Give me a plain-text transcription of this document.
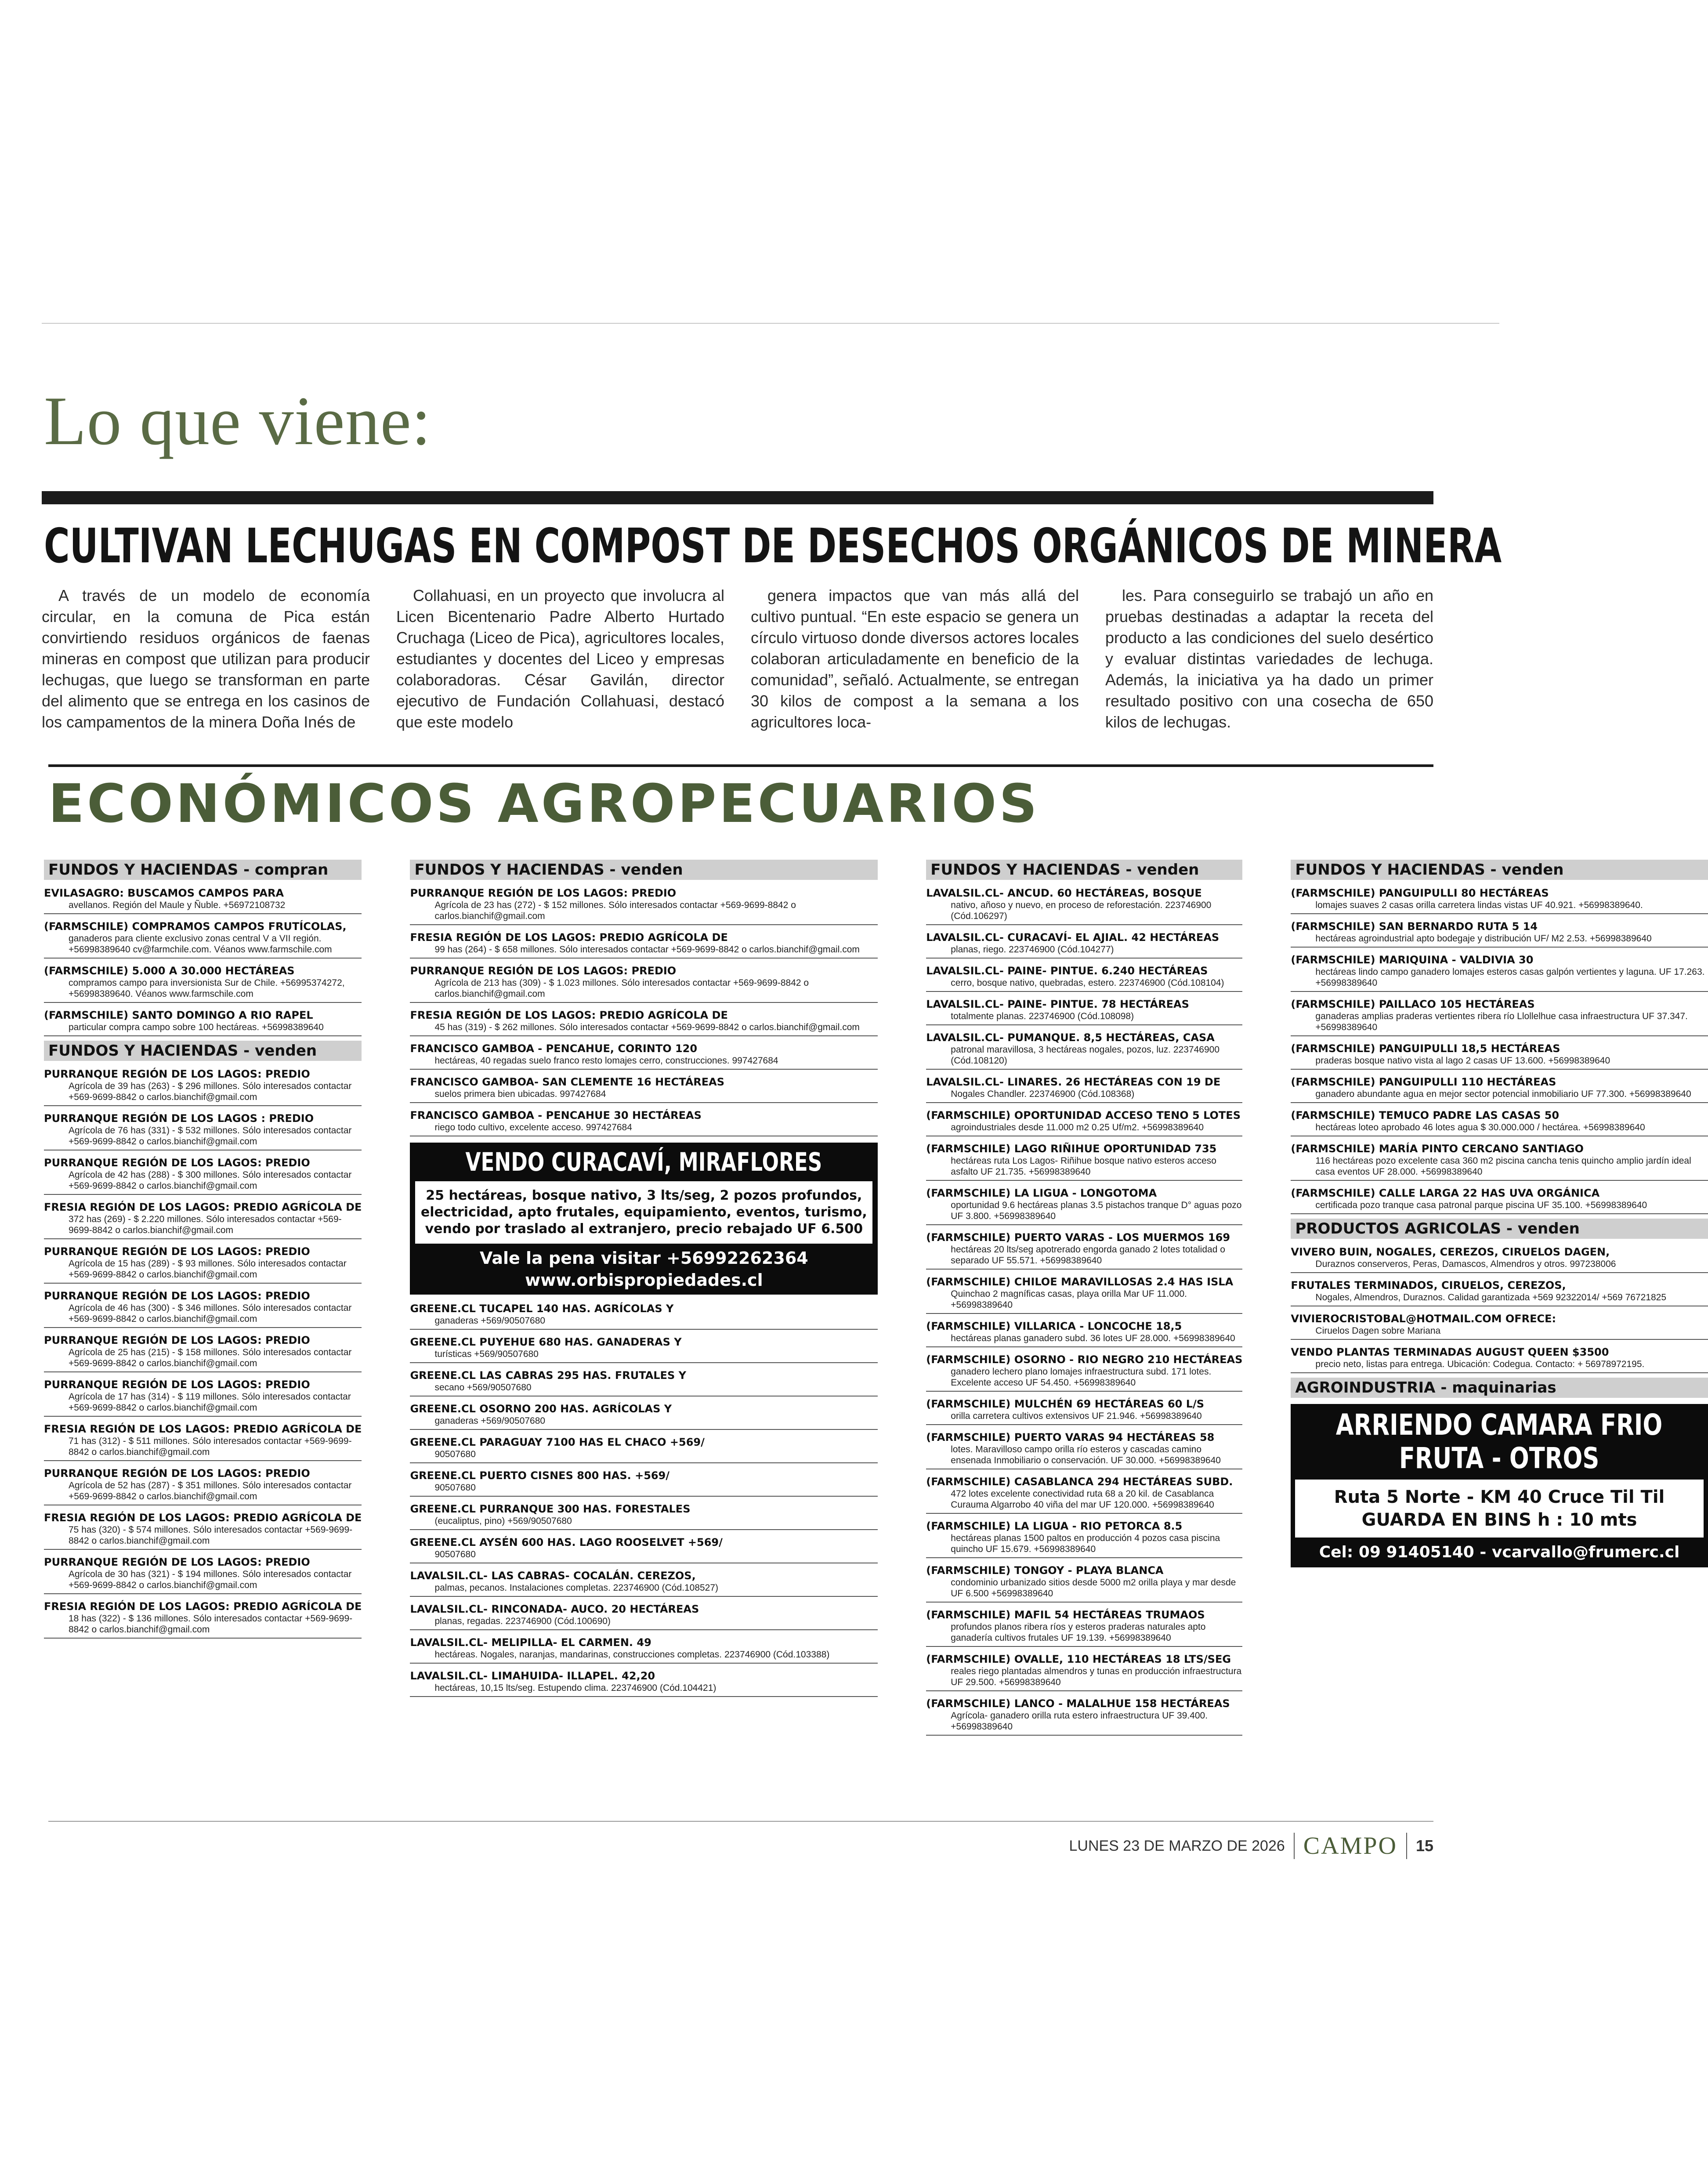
Lo que viene:
CULTIVAN LECHUGAS EN COMPOST DE DESECHOS ORGÁNICOS DE MINERA

A través de un modelo de economía circular, en la comuna de Pica están convirtiendo residuos orgánicos de faenas mineras en compost que utilizan para producir lechugas, que luego se transforman en parte del alimento que se entrega en los casinos de los campamentos de la minera Doña Inés de

Collahuasi, en un proyecto que involucra al Licen Bicentenario Padre Alberto Hurtado Cruchaga (Liceo de Pica), agricultores locales, estudiantes y docentes del Liceo y empresas colaboradoras. César Gavilán, director ejecutivo de Fundación Collahuasi, destacó que este modelo

genera impactos que van más allá del cultivo puntual. “En este espacio se genera un círculo virtuoso donde diversos actores locales colaboran articuladamente en beneficio de la comunidad”, señaló. Actualmente, se entregan 30 kilos de compost a la semana a los agricultores loca-

les. Para conseguirlo se trabajó un año en pruebas destinadas a adaptar la receta del producto a las condiciones del suelo desértico y evaluar distintas variedades de lechuga. Además, la iniciativa ya ha dado un primer resultado positivo con una cosecha de 650 kilos de lechugas.

ECONÓMICOS AGROPECUARIOS
FUNDOS Y HACIENDAS - compran
EVILASAGRO: BUSCAMOS CAMPOS PARA
avellanos. Región del Maule y Ñuble. +56972108732
(FARMSCHILE) COMPRAMOS CAMPOS FRUTÍCOLAS,
ganaderos para cliente exclusivo zonas central V a VII región. +56998389640 cv@farmchile.com. Véanos www.farmschile.com
(FARMSCHILE) 5.000 A 30.000 HECTÁREAS
compramos campo para inversionista Sur de Chile. +56995374272, +56998389640. Véanos www.farmschile.com
(FARMSCHILE) SANTO DOMINGO A RIO RAPEL
particular compra campo sobre 100 hectáreas. +56998389640
FUNDOS Y HACIENDAS - venden
PURRANQUE REGIÓN DE LOS LAGOS: PREDIO
Agrícola de 39 has (263) - $ 296 millones. Sólo interesados contactar +569-9699-8842 o carlos.bianchif@gmail.com
PURRANQUE REGIÓN DE LOS LAGOS : PREDIO
Agrícola de 76 has (331) - $ 532 millones. Sólo interesados contactar +569-9699-8842 o carlos.bianchif@gmail.com
PURRANQUE REGIÓN DE LOS LAGOS: PREDIO
Agrícola de 42 has (288) - $ 300 millones. Sólo interesados contactar +569-9699-8842 o carlos.bianchif@gmail.com
FRESIA REGIÓN DE LOS LAGOS: PREDIO AGRÍCOLA DE
372 has (269) - $ 2.220 millones. Sólo interesados contactar +569-9699-8842 o carlos.bianchif@gmail.com
PURRANQUE REGIÓN DE LOS LAGOS: PREDIO
Agrícola de 15 has (289) - $ 93 millones. Sólo interesados contactar +569-9699-8842 o carlos.bianchif@gmail.com
PURRANQUE REGIÓN DE LOS LAGOS: PREDIO
Agrícola de 46 has (300) - $ 346 millones. Sólo interesados contactar +569-9699-8842 o carlos.bianchif@gmail.com
PURRANQUE REGIÓN DE LOS LAGOS: PREDIO
Agrícola de 25 has (215) - $ 158 millones. Sólo interesados contactar +569-9699-8842 o carlos.bianchif@gmail.com
PURRANQUE REGIÓN DE LOS LAGOS: PREDIO
Agrícola de 17 has (314) - $ 119 millones. Sólo interesados contactar +569-9699-8842 o carlos.bianchif@gmail.com
FRESIA REGIÓN DE LOS LAGOS: PREDIO AGRÍCOLA DE
71 has (312) - $ 511 millones. Sólo interesados contactar +569-9699-8842 o carlos.bianchif@gmail.com
PURRANQUE REGIÓN DE LOS LAGOS: PREDIO
Agrícola de 52 has (287) - $ 351 millones. Sólo interesados contactar +569-9699-8842 o carlos.bianchif@gmail.com
FRESIA REGIÓN DE LOS LAGOS: PREDIO AGRÍCOLA DE
75 has (320) - $ 574 millones. Sólo interesados contactar +569-9699-8842 o carlos.bianchif@gmail.com
PURRANQUE REGIÓN DE LOS LAGOS: PREDIO
Agrícola de 30 has (321) - $ 194 millones. Sólo interesados contactar +569-9699-8842 o carlos.bianchif@gmail.com
FRESIA REGIÓN DE LOS LAGOS: PREDIO AGRÍCOLA DE
18 has (322) - $ 136 millones. Sólo interesados contactar +569-9699-8842 o carlos.bianchif@gmail.com
FUNDOS Y HACIENDAS - venden
PURRANQUE REGIÓN DE LOS LAGOS: PREDIO
Agrícola de 23 has (272) - $ 152 millones. Sólo interesados contactar +569-9699-8842 o carlos.bianchif@gmail.com
FRESIA REGIÓN DE LOS LAGOS: PREDIO AGRÍCOLA DE
99 has (264) - $ 658 millones. Sólo interesados contactar +569-9699-8842 o carlos.bianchif@gmail.com
PURRANQUE REGIÓN DE LOS LAGOS: PREDIO
Agrícola de 213 has (309) - $ 1.023 millones. Sólo interesados contactar +569-9699-8842 o carlos.bianchif@gmail.com
FRESIA REGIÓN DE LOS LAGOS: PREDIO AGRÍCOLA DE
45 has (319) - $ 262 millones. Sólo interesados contactar +569-9699-8842 o carlos.bianchif@gmail.com
FRANCISCO GAMBOA - PENCAHUE, CORINTO 120
hectáreas, 40 regadas suelo franco resto lomajes cerro, construcciones. 997427684
FRANCISCO GAMBOA- SAN CLEMENTE 16 HECTÁREAS
suelos primera bien ubicadas. 997427684
FRANCISCO GAMBOA - PENCAHUE 30 HECTÁREAS
riego todo cultivo, excelente acceso. 997427684
VENDO CURACAVÍ, MIRAFLORES
25 hectáreas, bosque nativo, 3 lts/seg, 2 pozos profundos, electricidad, apto frutales, equipamiento, eventos, turismo, vendo por traslado al extranjero, precio rebajado UF 6.500
Vale la pena visitar +56992262364
www.orbispropiedades.cl
GREENE.CL TUCAPEL 140 HAS. AGRÍCOLAS Y
ganaderas +569/90507680
GREENE.CL PUYEHUE 680 HAS. GANADERAS Y
turísticas +569/90507680
GREENE.CL LAS CABRAS 295 HAS. FRUTALES Y
secano +569/90507680
GREENE.CL OSORNO 200 HAS. AGRÍCOLAS Y
ganaderas +569/90507680
GREENE.CL PARAGUAY 7100 HAS EL CHACO +569/
90507680
GREENE.CL PUERTO CISNES 800 HAS. +569/
90507680
GREENE.CL PURRANQUE 300 HAS. FORESTALES
(eucaliptus, pino) +569/90507680
GREENE.CL AYSÉN 600 HAS. LAGO ROOSELVET +569/
90507680
LAVALSIL.CL- LAS CABRAS- COCALÁN. CEREZOS,
palmas, pecanos. Instalaciones completas. 223746900 (Cód.108527)
LAVALSIL.CL- RINCONADA- AUCO. 20 HECTÁREAS
planas, regadas. 223746900 (Cód.100690)
LAVALSIL.CL- MELIPILLA- EL CARMEN. 49
hectáreas. Nogales, naranjas, mandarinas, construcciones completas. 223746900 (Cód.103388)
LAVALSIL.CL- LIMAHUIDA- ILLAPEL. 42,20
hectáreas, 10,15 lts/seg. Estupendo clima. 223746900 (Cód.104421)
FUNDOS Y HACIENDAS - venden
LAVALSIL.CL- ANCUD. 60 HECTÁREAS, BOSQUE
nativo, añoso y nuevo, en proceso de reforestación. 223746900 (Cód.106297)
LAVALSIL.CL- CURACAVÍ- EL AJIAL. 42 HECTÁREAS
planas, riego. 223746900 (Cód.104277)
LAVALSIL.CL- PAINE- PINTUE. 6.240 HECTÁREAS
cerro, bosque nativo, quebradas, estero. 223746900 (Cód.108104)
LAVALSIL.CL- PAINE- PINTUE. 78 HECTÁREAS
totalmente planas. 223746900 (Cód.108098)
LAVALSIL.CL- PUMANQUE. 8,5 HECTÁREAS, CASA
patronal maravillosa, 3 hectáreas nogales, pozos, luz. 223746900 (Cód.108120)
LAVALSIL.CL- LINARES. 26 HECTÁREAS CON 19 DE
Nogales Chandler. 223746900 (Cód.108368)
(FARMSCHILE) OPORTUNIDAD ACCESO TENO 5 LOTES
agroindustriales desde 11.000 m2 0.25 Uf/m2. +56998389640
(FARMSCHILE) LAGO RIÑIHUE OPORTUNIDAD 735
hectáreas ruta Los Lagos- Riñihue bosque nativo esteros acceso asfalto UF 21.735. +56998389640
(FARMSCHILE) LA LIGUA - LONGOTOMA
oportunidad 9.6 hectáreas planas 3.5 pistachos tranque D° aguas pozo UF 3.800. +56998389640
(FARMSCHILE) PUERTO VARAS - LOS MUERMOS 169
hectáreas 20 lts/seg apotrerado engorda ganado 2 lotes totalidad o separado UF 55.571. +56998389640
(FARMSCHILE) CHILOE MARAVILLOSAS 2.4 HAS ISLA
Quinchao 2 magníficas casas, playa orilla Mar UF 11.000. +56998389640
(FARMSCHILE) VILLARICA - LONCOCHE 18,5
hectáreas planas ganadero subd. 36 lotes UF 28.000. +56998389640
(FARMSCHILE) OSORNO - RIO NEGRO 210 HECTÁREAS
ganadero lechero plano lomajes infraestructura subd. 171 lotes. Excelente acceso UF 54.450. +56998389640
(FARMSCHILE) MULCHÉN 69 HECTÁREAS 60 L/S
orilla carretera cultivos extensivos UF 21.946. +56998389640
(FARMSCHILE) PUERTO VARAS 94 HECTÁREAS 58
lotes. Maravilloso campo orilla río esteros y cascadas camino ensenada Inmobiliario o conservación. UF 30.000. +56998389640
(FARMSCHILE) CASABLANCA 294 HECTÁREAS SUBD.
472 lotes excelente conectividad ruta 68 a 20 kil. de Casablanca Curauma Algarrobo 40 viña del mar UF 120.000. +56998389640
(FARMSCHILE) LA LIGUA - RIO PETORCA 8.5
hectáreas planas 1500 paltos en producción 4 pozos casa piscina quincho UF 15.679. +56998389640
(FARMSCHILE) TONGOY - PLAYA BLANCA
condominio urbanizado sitios desde 5000 m2 orilla playa y mar desde UF 6.500 +56998389640
(FARMSCHILE) MAFIL 54 HECTÁREAS TRUMAOS
profundos planos ribera ríos y esteros praderas naturales apto ganadería cultivos frutales UF 19.139. +56998389640
(FARMSCHILE) OVALLE, 110 HECTÁREAS 18 LTS/SEG
reales riego plantadas almendros y tunas en producción infraestructura UF 29.500. +56998389640
(FARMSCHILE) LANCO - MALALHUE 158 HECTÁREAS
Agrícola- ganadero orilla ruta estero infraestructura UF 39.400. +56998389640
FUNDOS Y HACIENDAS - venden
(FARMSCHILE) PANGUIPULLI 80 HECTÁREAS
lomajes suaves 2 casas orilla carretera lindas vistas UF 40.921. +56998389640.
(FARMSCHILE) SAN BERNARDO RUTA 5 14
hectáreas agroindustrial apto bodegaje y distribución UF/ M2 2.53. +56998389640
(FARMSCHILE) MARIQUINA - VALDIVIA 30
hectáreas lindo campo ganadero lomajes esteros casas galpón vertientes y laguna. UF 17.263. +56998389640
(FARMSCHILE) PAILLACO 105 HECTÁREAS
ganaderas amplias praderas vertientes ribera río Llollelhue casa infraestructura UF 37.347. +56998389640
(FARMSCHILE) PANGUIPULLI 18,5 HECTÁREAS
praderas bosque nativo vista al lago 2 casas UF 13.600. +56998389640
(FARMSCHILE) PANGUIPULLI 110 HECTÁREAS
ganadero abundante agua en mejor sector potencial inmobiliario UF 77.300. +56998389640
(FARMSCHILE) TEMUCO PADRE LAS CASAS 50
hectáreas loteo aprobado 46 lotes agua $ 30.000.000 / hectárea. +56998389640
(FARMSCHILE) MARÍA PINTO CERCANO SANTIAGO
116 hectáreas pozo excelente casa 360 m2 piscina cancha tenis quincho amplio jardín ideal casa eventos UF 28.000. +56998389640
(FARMSCHILE) CALLE LARGA 22 HAS UVA ORGÁNICA
certificada pozo tranque casa patronal parque piscina UF 35.100. +56998389640
PRODUCTOS AGRICOLAS - venden
VIVERO BUIN, NOGALES, CEREZOS, CIRUELOS DAGEN,
Duraznos conserveros, Peras, Damascos, Almendros y otros. 997238006
FRUTALES TERMINADOS, CIRUELOS, CEREZOS,
Nogales, Almendros, Duraznos. Calidad garantizada +569 92322014/ +569 76721825
VIVIEROCRISTOBAL@HOTMAIL.COM OFRECE:
Ciruelos Dagen sobre Mariana
VENDO PLANTAS TERMINADAS AUGUST QUEEN $3500
precio neto, listas para entrega. Ubicación: Codegua. Contacto: + 56978972195.
AGROINDUSTRIA - maquinarias
ARRIENDO CAMARA FRIO
FRUTA - OTROS
Ruta 5 Norte - KM 40 Cruce Til Til GUARDA EN BINS h : 10 mts
Cel: 09 91405140 - vcarvallo@frumerc.cl
LUNES 23 DE MARZO DE 2026 CAMPO 15
